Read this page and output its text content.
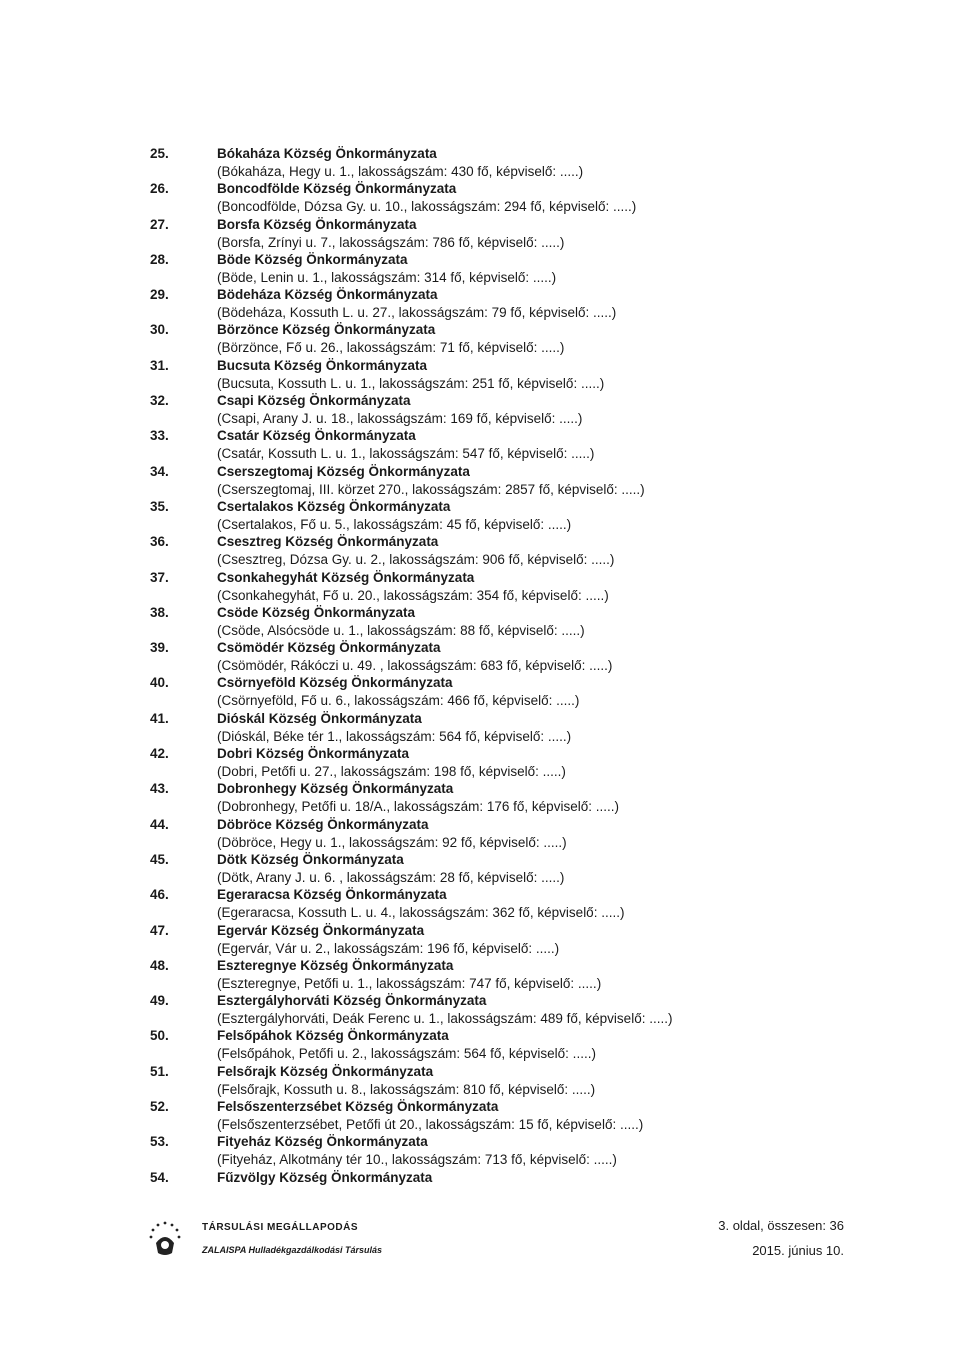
25.	Bókaháza Község Önkormányzata
(Bókaháza, Hegy u. 1., lakosságszám: 430 fő, képviselő: .....)
26.	Boncodfölde Község Önkormányzata
(Boncodfölde, Dózsa Gy. u. 10., lakosságszám: 294 fő, képviselő: .....)
27.	Borsfa Község Önkormányzata
(Borsfa, Zrínyi u. 7., lakosságszám: 786 fő, képviselő: .....)
28.	Böde Község Önkormányzata
(Böde, Lenin u. 1., lakosságszám: 314 fő, képviselő: .....)
29.	Bödeháza Község Önkormányzata
(Bödeháza, Kossuth L. u. 27., lakosságszám: 79 fő, képviselő: .....)
30.	Börzönce Község Önkormányzata
(Börzönce, Fő u. 26., lakosságszám: 71 fő, képviselő: .....)
31.	Bucsuta Község Önkormányzata
(Bucsuta, Kossuth L. u. 1., lakosságszám: 251 fő, képviselő: .....)
32.	Csapi Község Önkormányzata
(Csapi, Arany J. u. 18., lakosságszám: 169 fő, képviselő: .....)
33.	Csatár Község Önkormányzata
(Csatár, Kossuth L. u. 1., lakosságszám: 547 fő, képviselő: .....)
34.	Cserszegtomaj Község Önkormányzata
(Cserszegtomaj, III. körzet 270., lakosságszám: 2857 fő, képviselő: .....)
35.	Csertalakos Község Önkormányzata
(Csertalakos, Fő u. 5., lakosságszám: 45 fő, képviselő: .....)
36.	Csesztreg Község Önkormányzata
(Csesztreg, Dózsa Gy. u. 2., lakosságszám: 906 fő, képviselő: .....)
37.	Csonkahegyhát Község Önkormányzata
(Csonkahegyhát, Fő u. 20., lakosságszám: 354 fő, képviselő: .....)
38.	Csöde Község Önkormányzata
(Csöde, Alsócsöde u. 1., lakosságszám: 88 fő, képviselő: .....)
39.	Csömödér Község Önkormányzata
(Csömödér, Rákóczi u. 49. , lakosságszám: 683 fő, képviselő: .....)
40.	Csörnyeföld Község Önkormányzata
(Csörnyeföld, Fő u. 6., lakosságszám: 466 fő, képviselő: .....)
41.	Dióskál Község Önkormányzata
(Dióskál, Béke tér 1., lakosságszám: 564 fő, képviselő: .....)
42.	Dobri Község Önkormányzata
(Dobri, Petőfi u. 27., lakosságszám: 198 fő, képviselő: .....)
43.	Dobronhegy Község Önkormányzata
(Dobronhegy, Petőfi u. 18/A., lakosságszám: 176 fő, képviselő: .....)
44.	Döbröce Község Önkormányzata
(Döbröce, Hegy u. 1., lakosságszám: 92 fő, képviselő: .....)
45.	Dötk Község Önkormányzata
(Dötk, Arany J. u. 6. , lakosságszám: 28 fő, képviselő: .....)
46.	Egeraracsa Község Önkormányzata
(Egeraracsa, Kossuth L. u. 4., lakosságszám: 362 fő, képviselő: .....)
47.	Egervár Község Önkormányzata
(Egervár, Vár u. 2., lakosságszám: 196 fő, képviselő: .....)
48.	Eszteregnye Község Önkormányzata
(Eszteregnye, Petőfi u. 1., lakosságszám: 747 fő, képviselő: .....)
49.	Esztergályhorváti Község Önkormányzata
(Esztergályhorváti, Deák Ferenc u. 1., lakosságszám: 489 fő, képviselő: .....)
50.	Felsőpáhok Község Önkormányzata
(Felsőpáhok, Petőfi u. 2., lakosságszám: 564 fő, képviselő: .....)
51.	Felsőrajk Község Önkormányzata
(Felsőrajk, Kossuth u. 8., lakosságszám: 810 fő, képviselő: .....)
52.	Felsőszenterzsébet Község Önkormányzata
(Felsőszenterzsébet, Petőfi út 20., lakosságszám: 15 fő, képviselő: .....)
53.	Fityeház Község Önkormányzata
(Fityeház, Alkotmány tér 10., lakosságszám: 713 fő, képviselő: .....)
54.	Fűzvölgy Község Önkormányzata
TÁRSULÁSI MEGÁLLAPODÁS
ZALAISPA Hulladékgazdálkodási Társulás
3. oldal, összesen: 36
2015. június 10.
